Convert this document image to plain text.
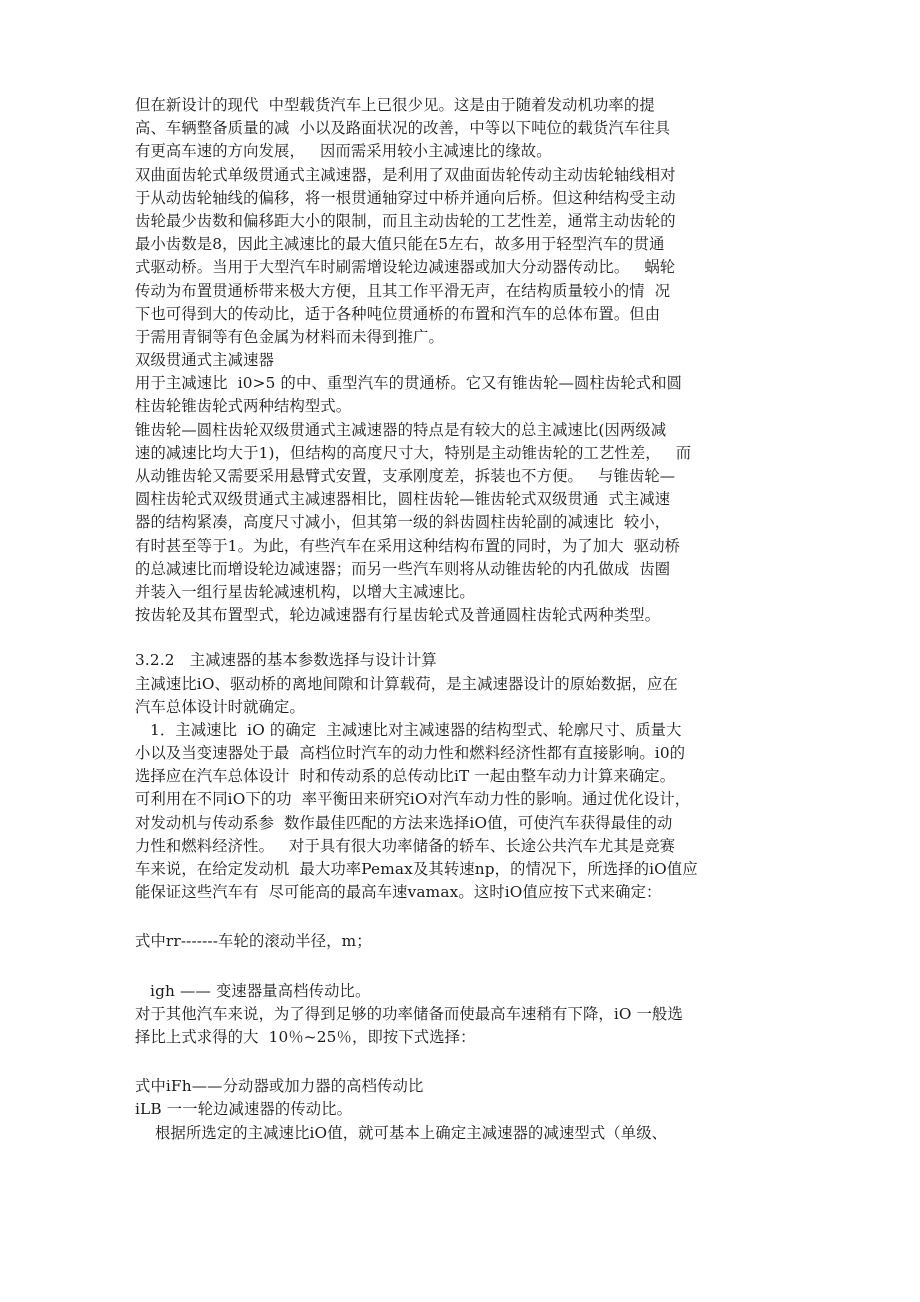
但在新设计的现代  中型载货汽车上已很少见。这是由于随着发动机功率的提
高、车辆整备质量的减  小以及路面状况的改善，中等以下吨位的载货汽车往具
有更高车速的方向发展，   因而需采用较小主减速比的缘故。
双曲面齿轮式单级贯通式主减速器，是利用了双曲面齿轮传动主动齿轮轴线相对
于从动齿轮轴线的偏移，将一根贯通轴穿过中桥并通向后桥。但这种结构受主动
齿轮最少齿数和偏移距大小的限制，而且主动齿轮的工艺性差，通常主动齿轮的
最小齿数是8，因此主减速比的最大值只能在5左右，故多用于轻型汽车的贯通
式驱动桥。当用于大型汽车时刷需增设轮边减速器或加大分动器传动比。   蜗轮
传动为布置贯通桥带来极大方便，且其工作平滑无声，在结构质量较小的情  况
下也可得到大的传动比，适于各种吨位贯通桥的布置和汽车的总体布置。但由
于需用青铜等有色金属为材料而未得到推广。
双级贯通式主减速器
用于主减速比  i0>5 的中、重型汽车的贯通桥。它又有锥齿轮—圆柱齿轮式和圆
柱齿轮锥齿轮式两种结构型式。
锥齿轮—圆柱齿轮双级贯通式主减速器的特点是有较大的总主减速比(因两级减
速的减速比均大于1)，但结构的高度尺寸大，特别是主动锥齿轮的工艺性差，   而
从动锥齿轮又需要采用悬臂式安置，支承刚度差，拆装也不方便。   与锥齿轮—
圆柱齿轮式双级贯通式主减速器相比，圆柱齿轮—锥齿轮式双级贯通  式主减速
器的结构紧凑，高度尺寸减小，但其第一级的斜齿圆柱齿轮副的减速比  较小，
有时甚至等于1。为此，有些汽车在采用这种结构布置的同时，为了加大  驱动桥
的总减速比而增设轮边减速器；而另一些汽车则将从动锥齿轮的内孔做成  齿圈
并装入一组行星齿轮减速机构，以增大主减速比。
按齿轮及其布置型式，轮边减速器有行星齿轮式及普通圆柱齿轮式两种类型。
3.2.2   主减速器的基本参数选择与设计计算
主减速比iO、驱动桥的离地间隙和计算载荷，是主减速器设计的原始数据，应在
汽车总体设计时就确定。
1．主减速比  iO 的确定  主减速比对主减速器的结构型式、轮廓尺寸、质量大
小以及当变速器处于最  高档位时汽车的动力性和燃料经济性都有直接影响。i0的
选择应在汽车总体设计  时和传动系的总传动比iT 一起由整车动力计算来确定。
可利用在不同iO下的功  率平衡田来研究iO对汽车动力性的影响。通过优化设计，
对发动机与传动系参  数作最佳匹配的方法来选择iO值，可使汽车获得最佳的动
力性和燃料经济性。   对于具有很大功率储备的轿车、长途公共汽车尤其是竞赛
车来说，在给定发动机  最大功率Pemax及其转速np，的情况下，所选择的iO值应
能保证这些汽车有  尽可能高的最高车速vamax。这时iO值应按下式来确定：
式中rr-------车轮的滚动半径，m；
igh —— 变速器量高档传动比。
对于其他汽车来说，为了得到足够的功率储备而使最高车速稍有下降，iO 一般选
择比上式求得的大  10％~25％，即按下式选择：
式中iFh——分动器或加力器的高档传动比
iLB 一一轮边减速器的传动比。
根据所选定的主减速比iO值，就可基本上确定主减速器的减速型式（单级、
